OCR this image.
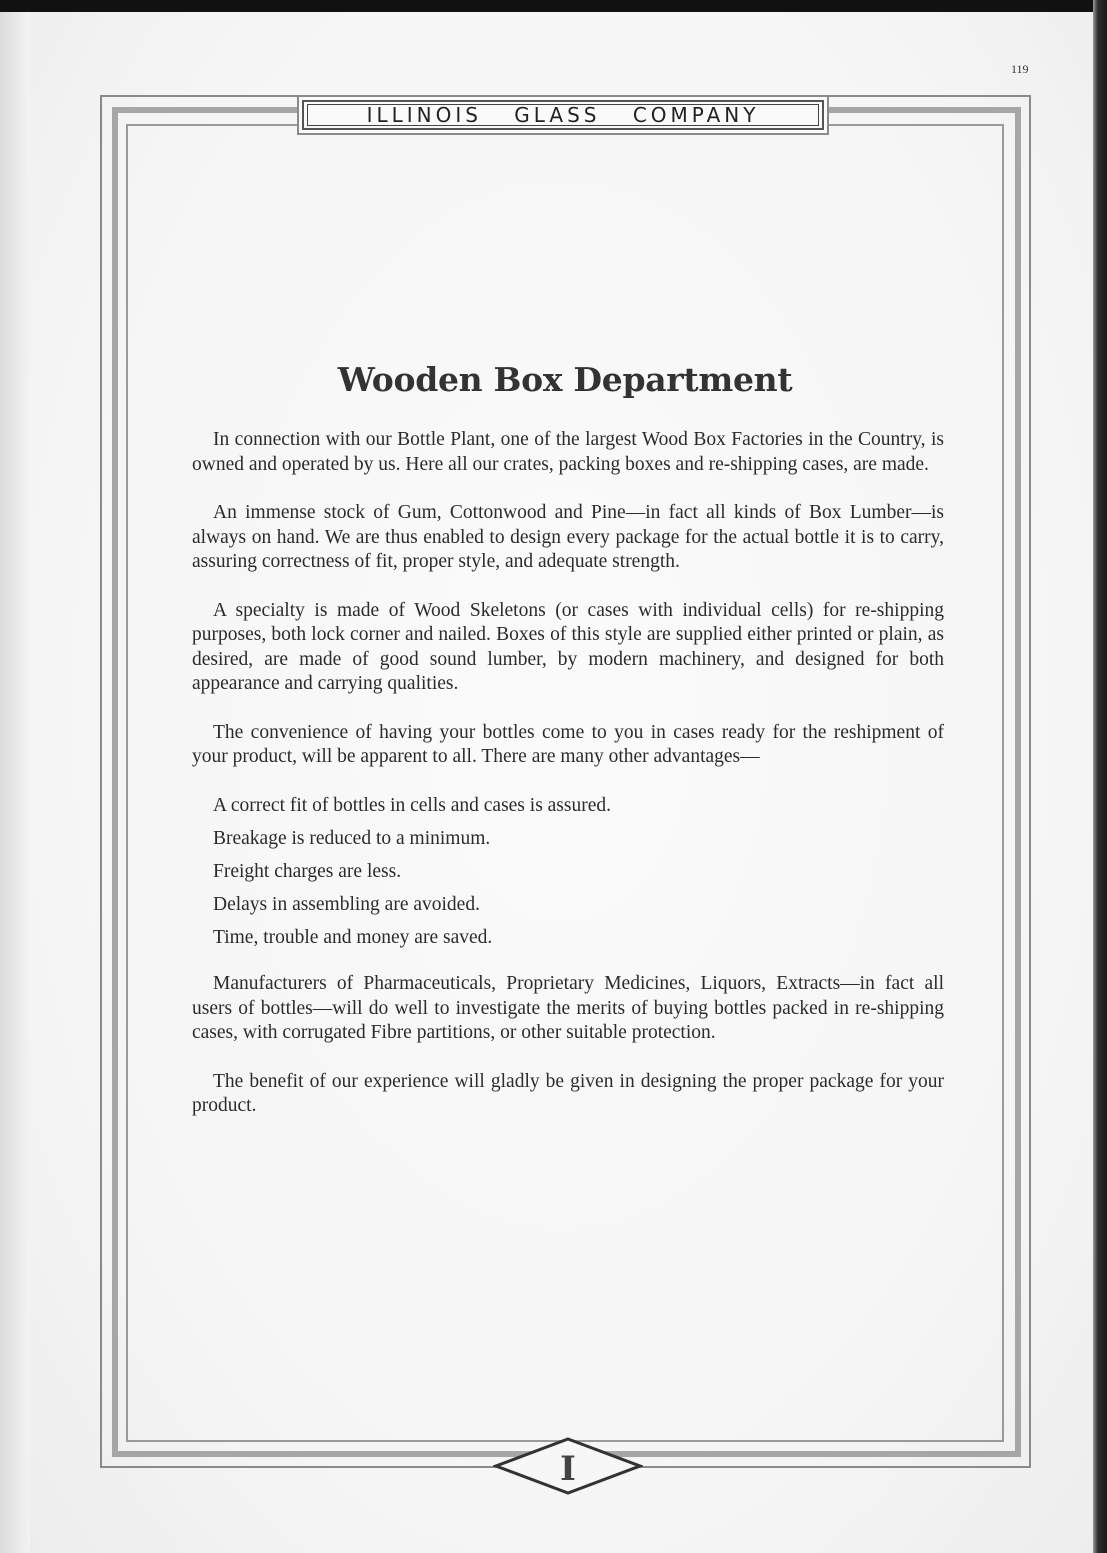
119
ILLINOIS GLASS COMPANY
Wooden Box Department

In connection with our Bottle Plant, one of the largest Wood Box Factories in the Country, is owned and operated by us. Here all our crates, packing boxes and re-shipping cases, are made.

An immense stock of Gum, Cottonwood and Pine—in fact all kinds of Box Lumber—is always on hand. We are thus enabled to design every package for the actual bottle it is to carry, assuring correctness of fit, proper style, and adequate strength.

A specialty is made of Wood Skeletons (or cases with individual cells) for re-shipping purposes, both lock corner and nailed. Boxes of this style are supplied either printed or plain, as desired, are made of good sound lumber, by modern machinery, and designed for both appearance and carrying qualities.

The convenience of having your bottles come to you in cases ready for the reshipment of your product, will be apparent to all. There are many other advantages—

A correct fit of bottles in cells and cases is assured.
Breakage is reduced to a minimum.
Freight charges are less.
Delays in assembling are avoided.
Time, trouble and money are saved.

Manufacturers of Pharmaceuticals, Proprietary Medicines, Liquors, Extracts—in fact all users of bottles—will do well to investigate the merits of buying bottles packed in re-shipping cases, with corrugated Fibre partitions, or other suitable protection.

The benefit of our experience will gladly be given in designing the proper package for your product.

I
